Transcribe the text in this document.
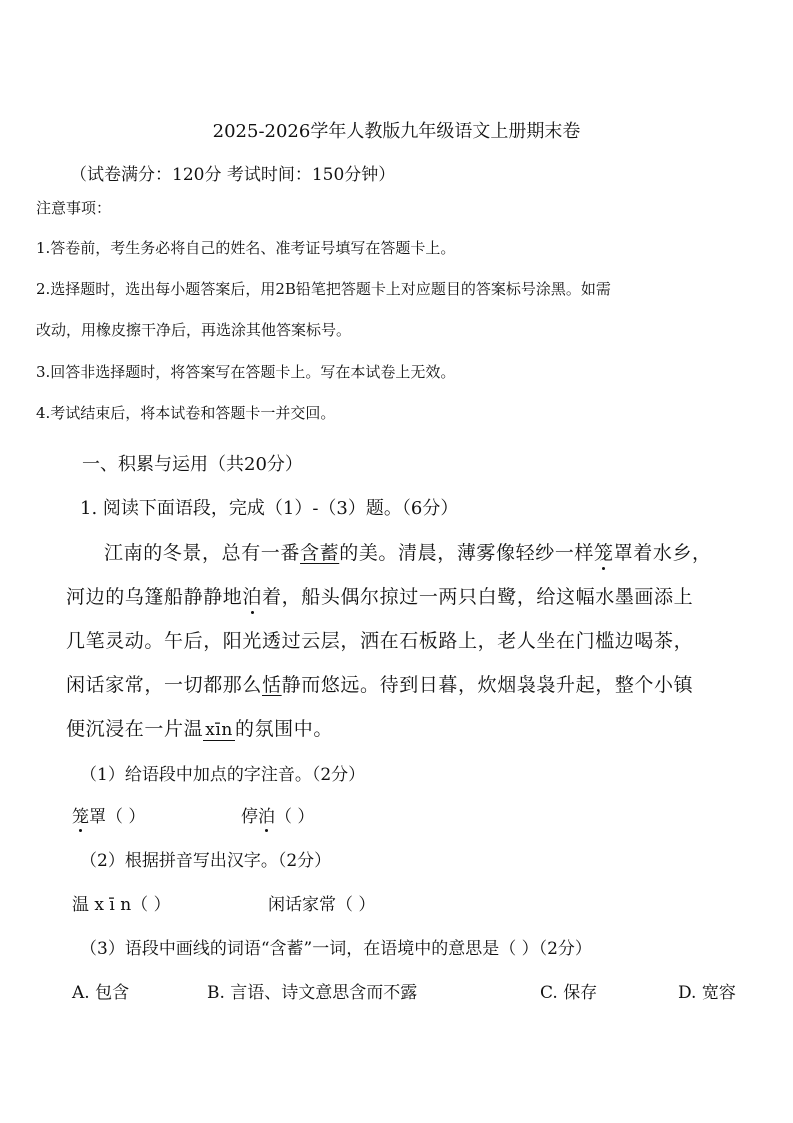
2025-2026学年人教版九年级语文上册期末卷
（试卷满分：120分 考试时间：150分钟）
注意事项：
1.答卷前，考生务必将自己的姓名、准考证号填写在答题卡上。
2.选择题时，选出每小题答案后，用2B铅笔把答题卡上对应题目的答案标号涂黑。如需
改动，用橡皮擦干净后，再选涂其他答案标号。
3.回答非选择题时，将答案写在答题卡上。写在本试卷上无效。
4.考试结束后，将本试卷和答题卡一并交回。
一、积累与运用（共20分）
1. 阅读下面语段，完成（1）-（3）题。（6分）
江南的冬景，总有一番含蓄的美。清晨，薄雾像轻纱一样笼罩着水乡，
河边的乌篷船静静地泊着，船头偶尔掠过一两只白鹭，给这幅水墨画添上
几笔灵动。午后，阳光透过云层，洒在石板路上，老人坐在门槛边喝茶，
闲话家常，一切都那么恬静而悠远。待到日暮，炊烟袅袅升起，整个小镇
便沉浸在一片温 xīn 的氛围中。
（1）给语段中加点的字注音。（2分）
笼罩（ ）	停泊（ ）
（2）根据拼音写出汉字。（2分）
温 x ī n（ ）	闲话家常（ ）
（3）语段中画线的词语“含蓄”一词，在语境中的意思是（ ）（2分）
A. 包含	B. 言语、诗文意思含而不露	C. 保存	D. 宽容
